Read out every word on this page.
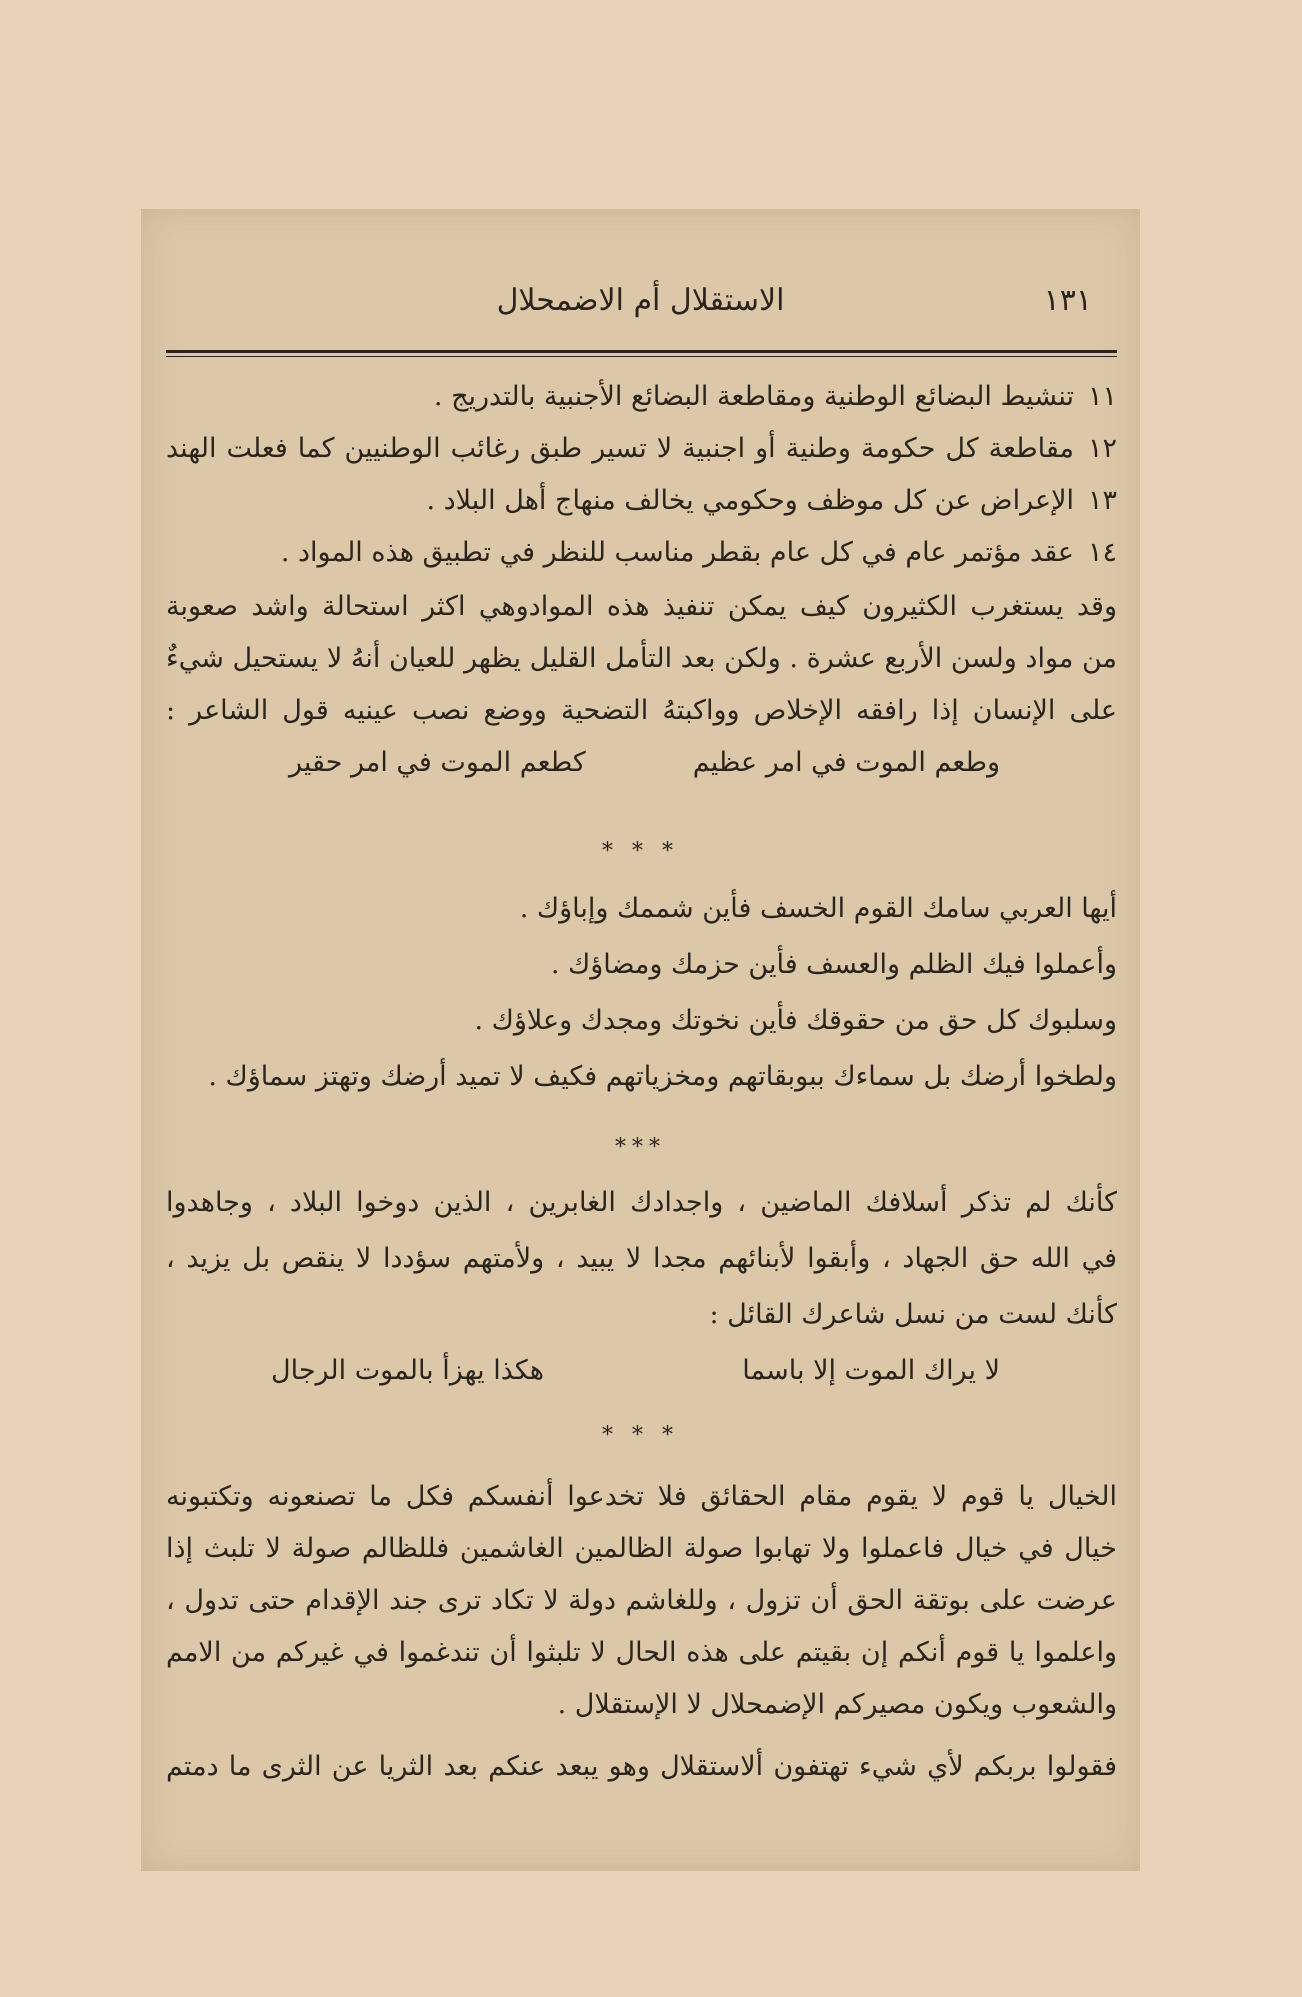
الاستقلال أم الاضمحلال	١٣١
١١تنشيط البضائع الوطنية ومقاطعة البضائع الأجنبية بالتدريج .
١٢مقاطعة كل حكومة وطنية أو اجنبية لا تسير طبق رغائب الوطنيين كما فعلت الهند
١٣الإعراض عن كل موظف وحكومي يخالف منهاج أهل البلاد .
١٤عقد مؤتمر عام في كل عام بقطر مناسب للنظر في تطبيق هذه المواد .
وقد يستغرب الكثيرون كيف يمكن تنفيذ هذه الموادوهي اكثر استحالة واشد صعوبة
من مواد ولسن الأربع عشرة . ولكن بعد التأمل القليل يظهر للعيان أنهُ لا يستحيل شيءٌ
على الإنسان إذا رافقه الإخلاص وواكبتهُ التضحية ووضع نصب عينيه قول الشاعر :
وطعم الموت في امر عظيم
كطعم الموت في امر حقير
* * *
أيها العربي سامك القوم الخسف فأين شممك وإباؤك .
وأعملوا فيك الظلم والعسف فأين حزمك ومضاؤك .
وسلبوك كل حق من حقوقك فأين نخوتك ومجدك وعلاؤك .
ولطخوا أرضك بل سماءك ببوبقاتهم ومخزياتهم فكيف لا تميد أرضك وتهتز سماؤك .
***
كأنك لم تذكر أسلافك الماضين ، واجدادك الغابرين ، الذين دوخوا البلاد ، وجاهدوا
في الله حق الجهاد ، وأبقوا لأبنائهم مجدا لا يبيد ، ولأمتهم سؤددا لا ينقص بل يزيد ،
كأنك لست من نسل شاعرك القائل :
لا يراك الموت إلا باسما
هكذا يهزأ بالموت الرجال
* * *
الخيال يا قوم لا يقوم مقام الحقائق فلا تخدعوا أنفسكم فكل ما تصنعونه وتكتبونه
خيال في خيال فاعملوا ولا تهابوا صولة الظالمين الغاشمين فللظالم صولة لا تلبث إذا
عرضت على بوتقة الحق أن تزول ، وللغاشم دولة لا تكاد ترى جند الإقدام حتى تدول ،
واعلموا يا قوم أنكم إن بقيتم على هذه الحال لا تلبثوا أن تندغموا في غيركم من الامم
والشعوب ويكون مصيركم الإضمحلال لا الإستقلال .
فقولوا بربكم لأي شيء تهتفون ألاستقلال وهو يبعد عنكم بعد الثريا عن الثرى ما دمتم
